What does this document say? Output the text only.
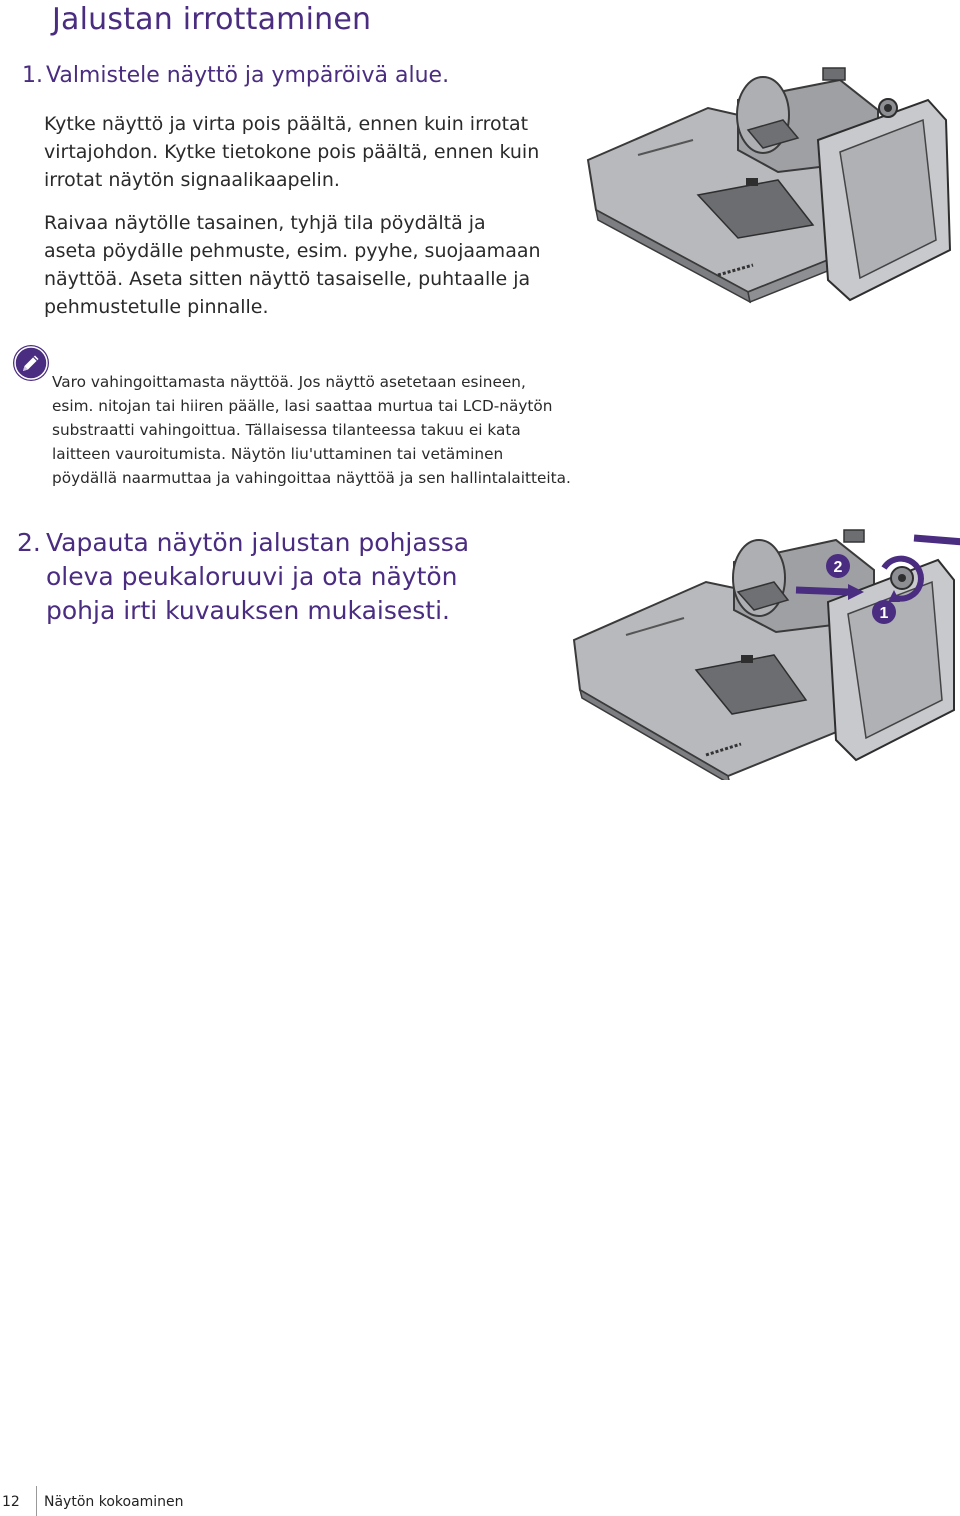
Jalustan irrottaminen
1. Valmistele näyttö ja ympäröivä alue.

Kytke näyttö ja virta pois päältä, ennen kuin irrotat virtajohdon. Kytke tietokone pois päältä, ennen kuin irrotat näytön signaalikaapelin.

Raivaa näytölle tasainen, tyhjä tila pöydältä ja aseta pöydälle pehmuste, esim. pyyhe, suojaamaan näyttöä. Aseta sitten näyttö tasaiselle, puhtaalle ja pehmustetulle pinnalle.

Varo vahingoittamasta näyttöä. Jos näyttö asetetaan esineen, esim. nitojan tai hiiren päälle, lasi saattaa murtua tai LCD-näytön substraatti vahingoittua. Tällaisessa tilanteessa takuu ei kata laitteen vauroitumista. Näytön liu'uttaminen tai vetäminen pöydällä naarmuttaa ja vahingoittaa näyttöä ja sen hallintalaitteita.

2
1
2. Vapauta näytön jalustan pohjassa oleva peukaloruuvi ja ota näytön pohja irti kuvauksen mukaisesti.
12 Näytön kokoaminen
